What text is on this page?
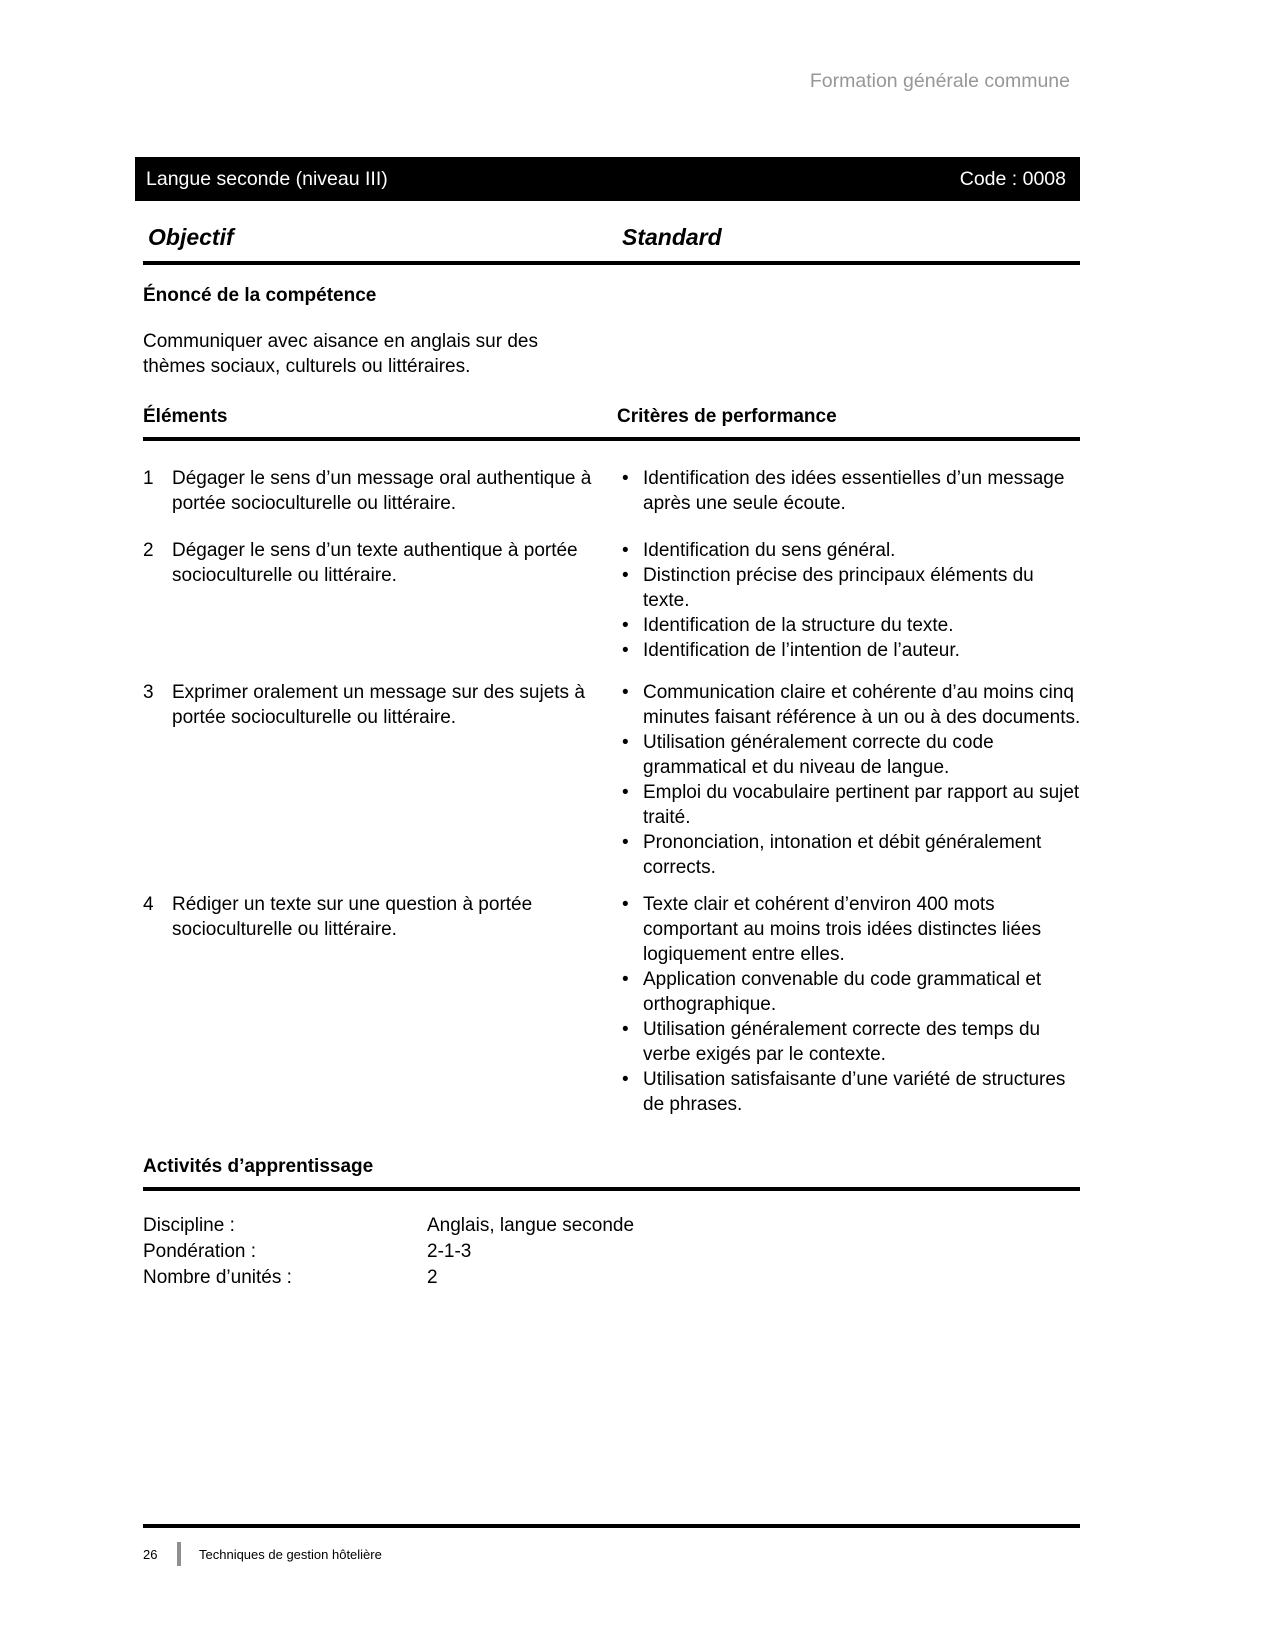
Formation générale commune
Langue seconde (niveau III)	Code : 0008
Objectif	Standard
Énoncé de la compétence
Communiquer avec aisance en anglais sur des thèmes sociaux, culturels ou littéraires.
Éléments	Critères de performance
1 Dégager le sens d’un message oral authentique à portée socioculturelle ou littéraire.
• Identification des idées essentielles d’un message après une seule écoute.
2 Dégager le sens d’un texte authentique à portée socioculturelle ou littéraire.
• Identification du sens général.
• Distinction précise des principaux éléments du texte.
• Identification de la structure du texte.
• Identification de l’intention de l’auteur.
3 Exprimer oralement un message sur des sujets à portée socioculturelle ou littéraire.
• Communication claire et cohérente d’au moins cinq minutes faisant référence à un ou à des documents.
• Utilisation généralement correcte du code grammatical et du niveau de langue.
• Emploi du vocabulaire pertinent par rapport au sujet traité.
• Prononciation, intonation et débit généralement corrects.
4 Rédiger un texte sur une question à portée socioculturelle ou littéraire.
• Texte clair et cohérent d’environ 400 mots comportant au moins trois idées distinctes liées logiquement entre elles.
• Application convenable du code grammatical et orthographique.
• Utilisation généralement correcte des temps du verbe exigés par le contexte.
• Utilisation satisfaisante d’une variété de structures de phrases.
Activités d’apprentissage
Discipline :	Anglais, langue seconde
Pondération :	2-1-3
Nombre d’unités :	2
26	Techniques de gestion hôtelière
